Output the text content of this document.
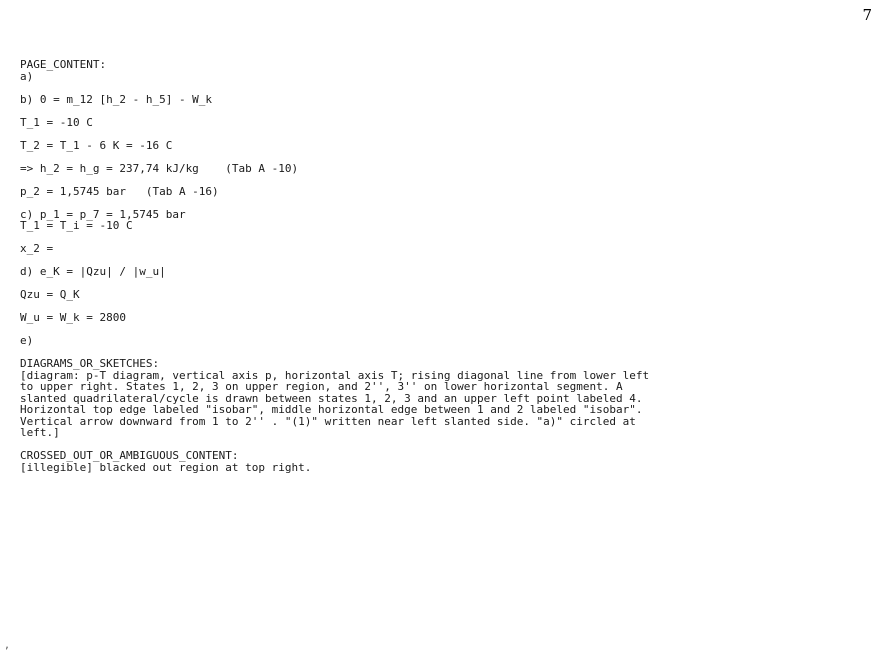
7
PAGE_CONTENT:
a)
b) 0 = m_12 [h_2 - h_5] - W_k
T_1 = -10 C
T_2 = T_1 - 6 K = -16 C
=> h_2 = h_g = 237,74 kJ/kg    (Tab A -10)
p_2 = 1,5745 bar   (Tab A -16)
c) p_1 = p_7 = 1,5745 bar
T_1 = T_i = -10 C
x_2 =
d) e_K = |Qzu| / |w_u|
Qzu = Q_K
W_u = W_k = 2800
e)
DIAGRAMS_OR_SKETCHES:
[diagram: p-T diagram, vertical axis p, horizontal axis T; rising diagonal line from lower left
to upper right. States 1, 2, 3 on upper region, and 2'', 3'' on lower horizontal segment. A
slanted quadrilateral/cycle is drawn between states 1, 2, 3 and an upper left point labeled 4.
Horizontal top edge labeled "isobar", middle horizontal edge between 1 and 2 labeled "isobar".
Vertical arrow downward from 1 to 2'' . "(1)" written near left slanted side. "a)" circled at
left.]
CROSSED_OUT_OR_AMBIGUOUS_CONTENT:
[illegible] blacked out region at top right.
,
